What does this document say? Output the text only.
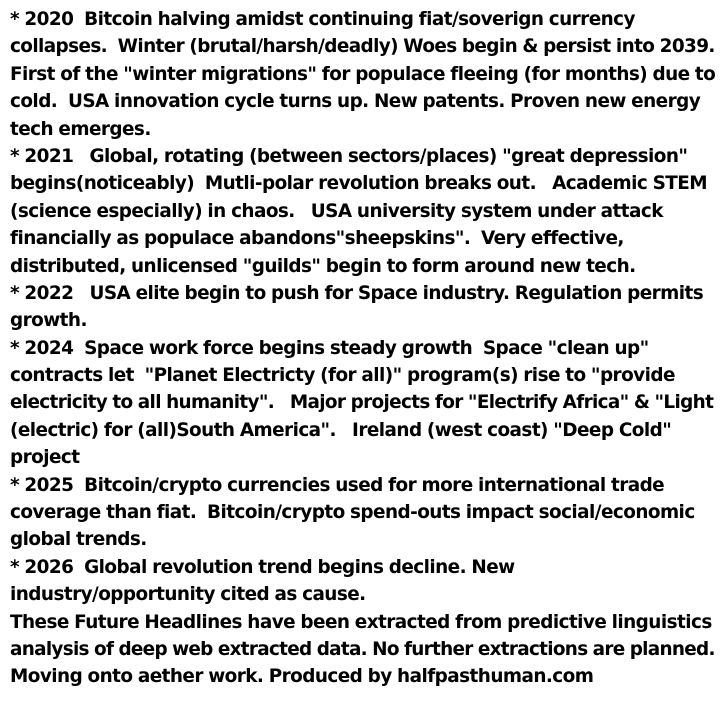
* 2020  Bitcoin halving amidst continuing fiat/soverign currency
collapses.  Winter (brutal/harsh/deadly) Woes begin & persist into 2039.
First of the "winter migrations" for populace fleeing (for months) due to
cold.  USA innovation cycle turns up. New patents. Proven new energy
tech emerges.
* 2021   Global, rotating (between sectors/places) "great depression"
begins(noticeably)  Mutli-polar revolution breaks out.   Academic STEM
(science especially) in chaos.   USA university system under attack
financially as populace abandons"sheepskins".  Very effective,
distributed, unlicensed "guilds" begin to form around new tech.
* 2022   USA elite begin to push for Space industry. Regulation permits
growth.
* 2024  Space work force begins steady growth  Space "clean up"
contracts let  "Planet Electricty (for all)" program(s) rise to "provide
electricity to all humanity".   Major projects for "Electrify Africa" & "Light
(electric) for (all)South America".   Ireland (west coast) "Deep Cold"
project
* 2025  Bitcoin/crypto currencies used for more international trade
coverage than fiat.  Bitcoin/crypto spend-outs impact social/economic
global trends.
* 2026  Global revolution trend begins decline. New
industry/opportunity cited as cause.
These Future Headlines have been extracted from predictive linguistics
analysis of deep web extracted data. No further extractions are planned.
Moving onto aether work. Produced by halfpasthuman.com
